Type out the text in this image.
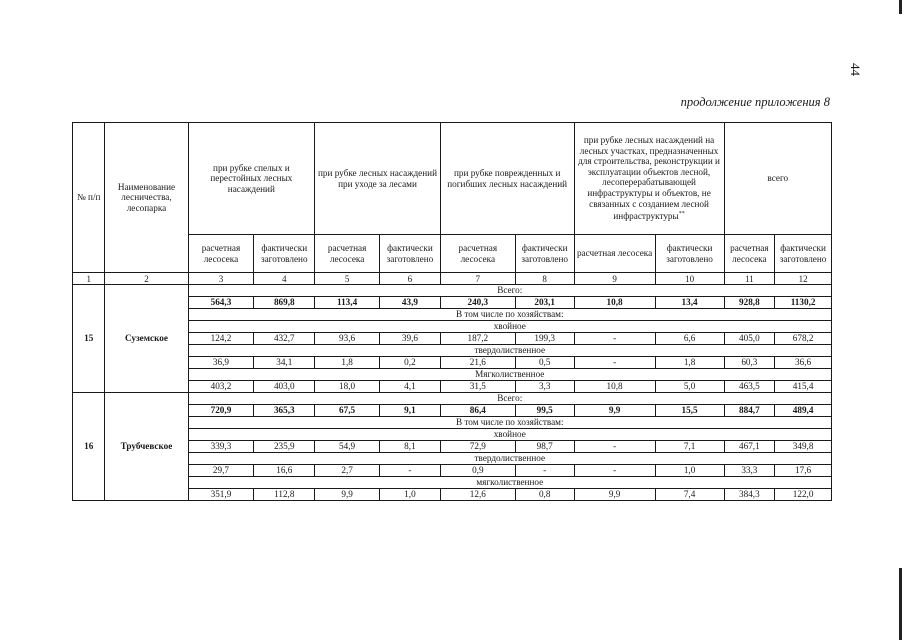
44
продолжение приложения 8
№ п/п	Наименование лесничества, лесопарка	при рубке спелых и перестойных лесных насаждений		при рубке лесных насаждений при уходе за лесами		при рубке поврежденных и погибших лесных насаждений		при рубке лесных насаждений на лесных участках, предназначенных для строительства, реконструкции и эксплуатации объектов лесной, лесоперерабатывающей инфраструктуры и объектов, не связанных с созданием лесной инфраструктуры**		всего	
		расчетная лесосека	фактически заготовлено	расчетная лесосека	фактически заготовлено	расчетная лесосека	фактически заготовлено	расчетная лесосека	фактически заготовлено	расчетная лесосека	фактически заготовлено
1	2	3	4	5	6	7	8	9	10	11	12
15	Суземское	Всего:									
		564,3	869,8	113,4	43,9	240,3	203,1	10,8	13,4	928,8	1130,2
		В том числе по хозяйствам:									
		хвойное									
		124,2	432,7	93,6	39,6	187,2	199,3	-	6,6	405,0	678,2
		твердолиственное									
		36,9	34,1	1,8	0,2	21,6	0,5	-	1,8	60,3	36,6
		Мягколиственное									
		403,2	403,0	18,0	4,1	31,5	3,3	10,8	5,0	463,5	415,4
16	Трубчевское	Всего:									
		720,9	365,3	67,5	9,1	86,4	99,5	9,9	15,5	884,7	489,4
		В том числе по хозяйствам:									
		хвойное									
		339,3	235,9	54,9	8,1	72,9	98,7	-	7,1	467,1	349,8
		твердолиственное									
		29,7	16,6	2,7	-	0,9	-	-	1,0	33,3	17,6
		мягколиственное									
		351,9	112,8	9,9	1,0	12,6	0,8	9,9	7,4	384,3	122,0
